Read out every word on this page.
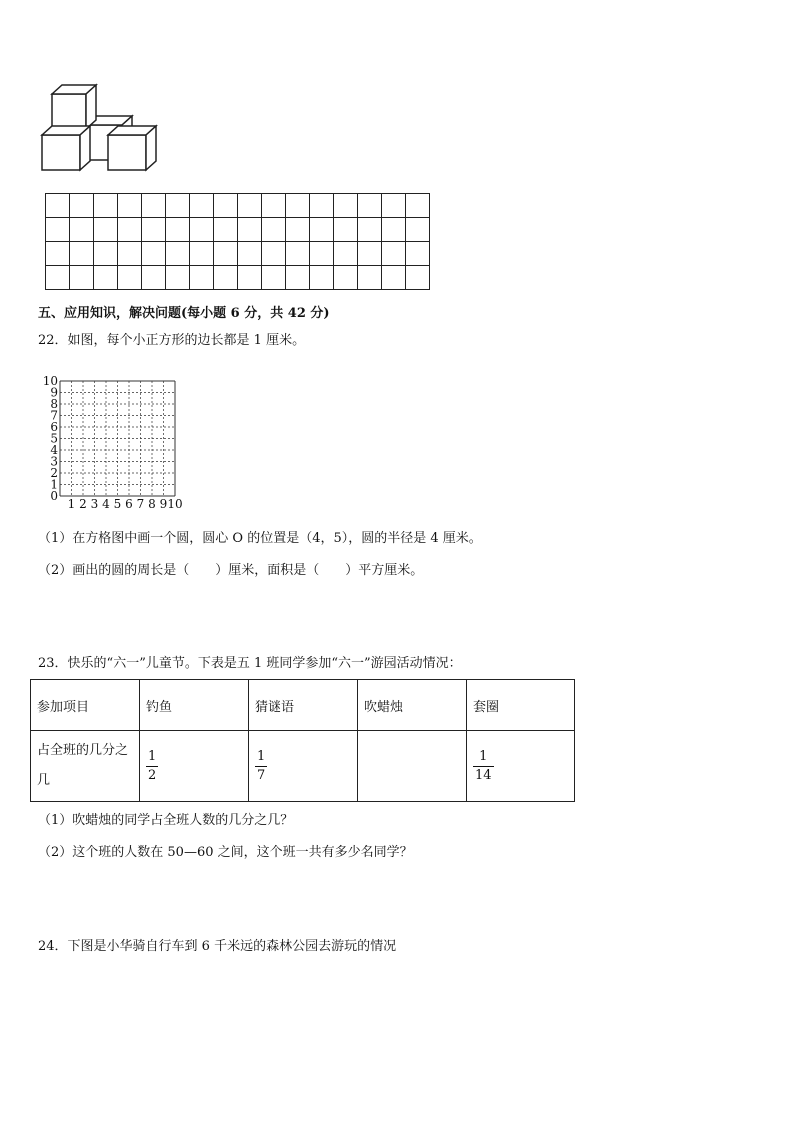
五、应用知识，解决问题(每小题 6 分，共 42 分)
22．如图，每个小正方形的边长都是 1 厘米。
10
9
8
7
6
5
4
3
2
1
0
1 2 3 4 5 6 7 8 9 10
（1）在方格图中画一个圆，圆心 O 的位置是（4，5），圆的半径是 4 厘米。
（2）画出的圆的周长是（　　）厘米，面积是（　　）平方厘米。
23．快乐的“六一”儿童节。下表是五 1 班同学参加“六一”游园活动情况：
参加项目	钓鱼	猜谜语	吹蜡烛	套圈
占全班的几分之几	$\frac{1}{2}$	$\frac{1}{7}$		$\frac{1}{14}$
（1）吹蜡烛的同学占全班人数的几分之几？
（2）这个班的人数在 50—60 之间，这个班一共有多少名同学？
24．下图是小华骑自行车到 6 千米远的森林公园去游玩的情况
